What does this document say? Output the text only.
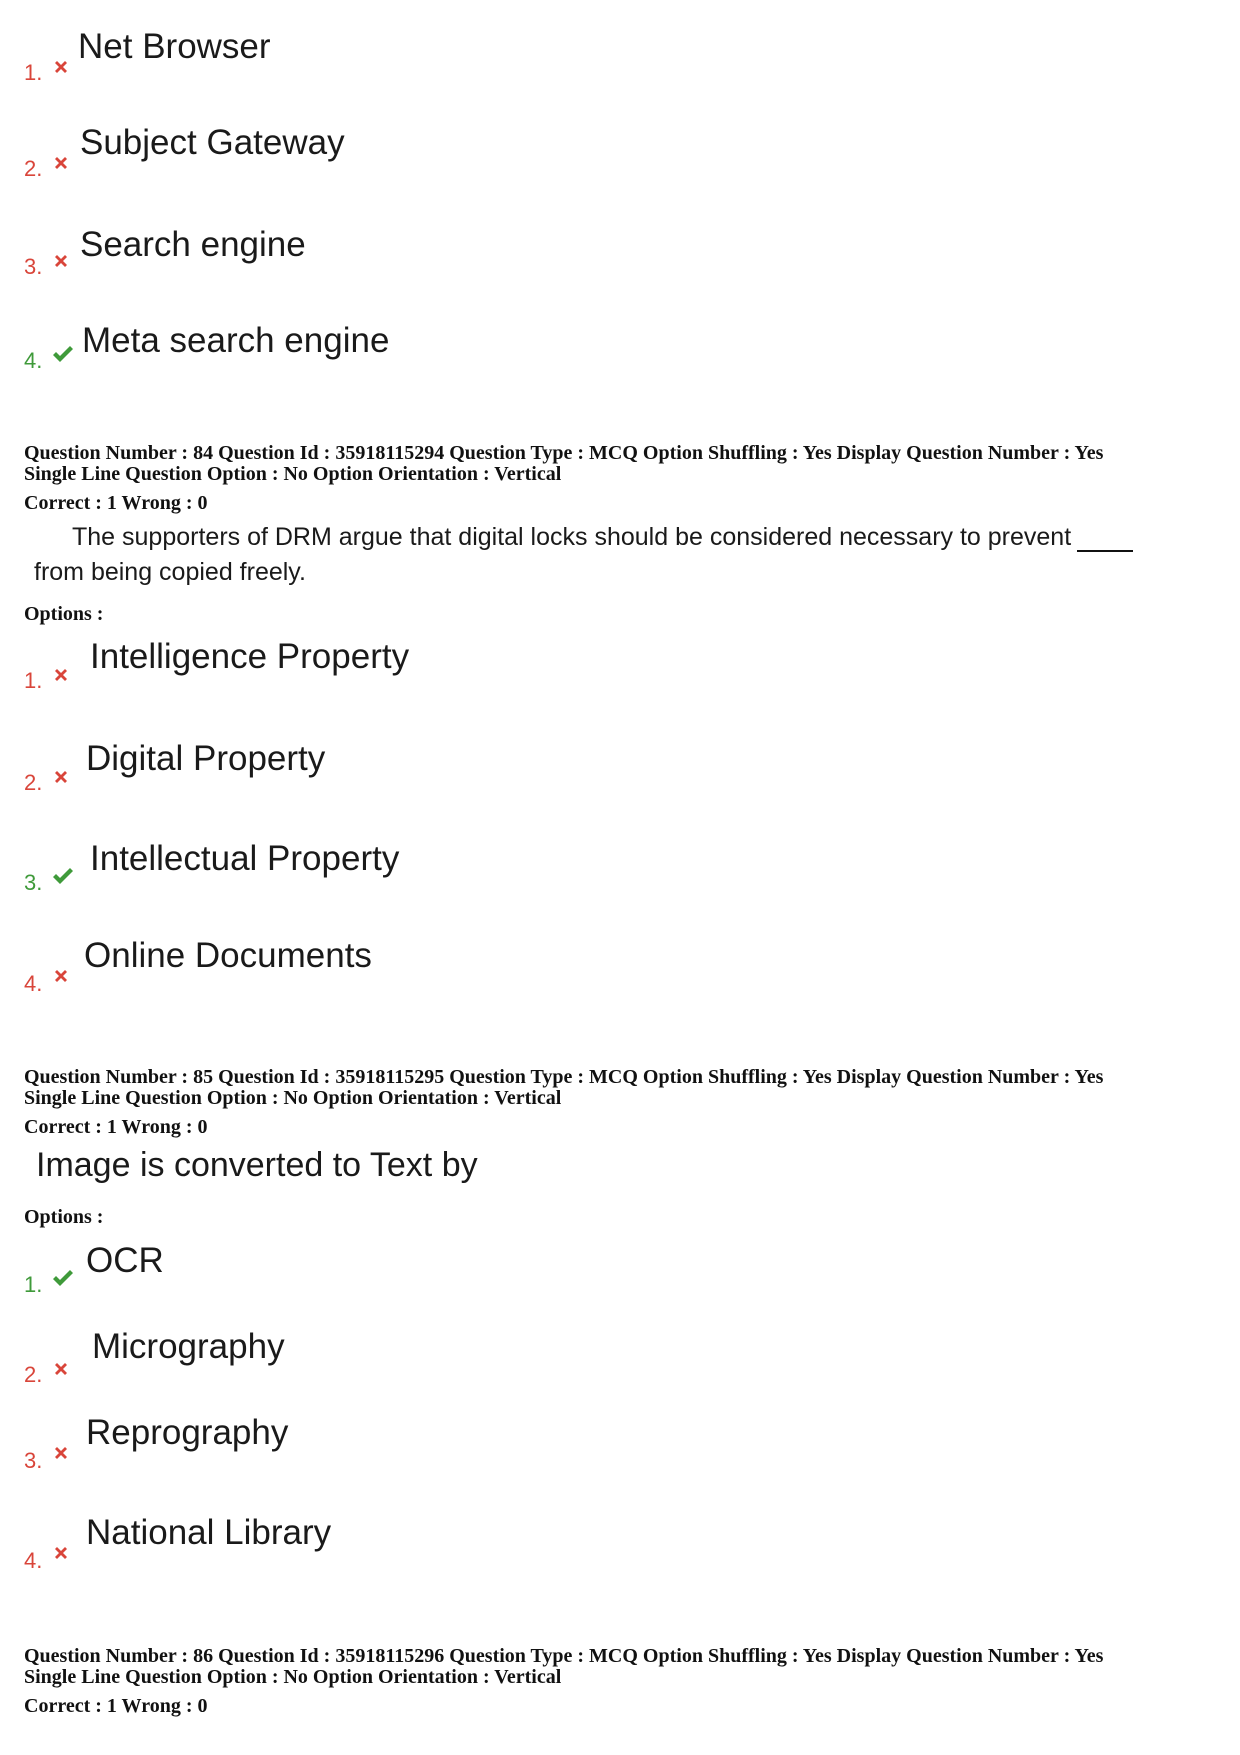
1.
Net Browser
2.
Subject Gateway
3.
Search engine
4.
Meta search engine
Question Number : 84 Question Id : 35918115294 Question Type : MCQ Option Shuffling : Yes Display Question Number : Yes
Single Line Question Option : No Option Orientation : Vertical
Correct : 1 Wrong : 0
The supporters of DRM argue that digital locks should be considered necessary to prevent
from being copied freely.
Options :
1.
Intelligence Property
2.
Digital Property
3.
Intellectual Property
4.
Online Documents
Question Number : 85 Question Id : 35918115295 Question Type : MCQ Option Shuffling : Yes Display Question Number : Yes
Single Line Question Option : No Option Orientation : Vertical
Correct : 1 Wrong : 0
Image is converted to Text by
Options :
1.
OCR
2.
Micrography
3.
Reprography
4.
National Library
Question Number : 86 Question Id : 35918115296 Question Type : MCQ Option Shuffling : Yes Display Question Number : Yes
Single Line Question Option : No Option Orientation : Vertical
Correct : 1 Wrong : 0
